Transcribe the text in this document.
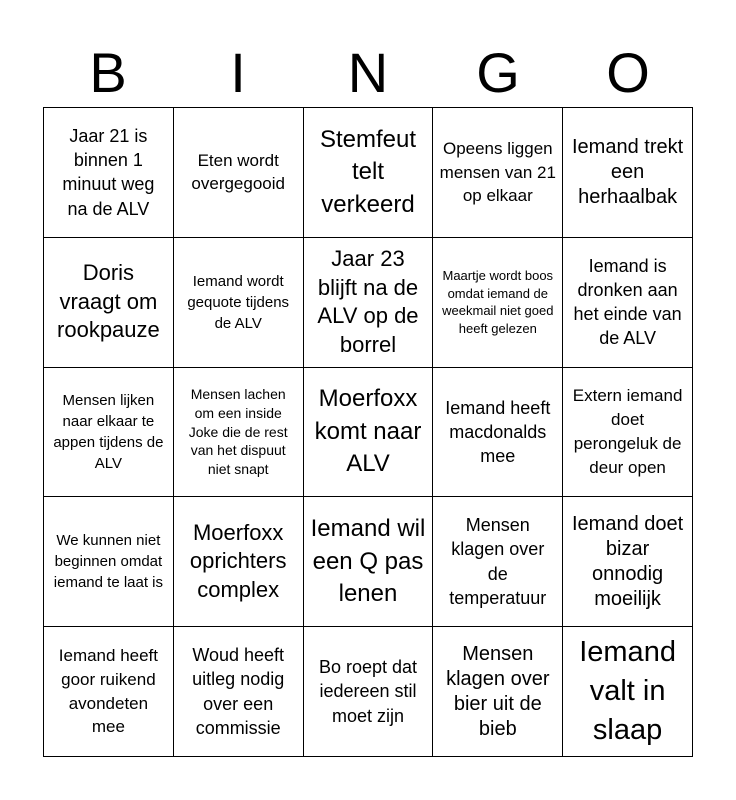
B	I	N	G	O
Jaar 21 is binnen 1 minuut weg na de ALV
Eten wordt overgegooid
Stemfeut telt verkeerd
Opeens liggen mensen van 21 op elkaar
Iemand trekt een herhaalbak
Doris vraagt om rookpauze
Iemand wordt gequote tijdens de ALV
Jaar 23 blijft na de ALV op de borrel
Maartje wordt boos omdat iemand de weekmail niet goed heeft gelezen
Iemand is dronken aan het einde van de ALV
Mensen lijken naar elkaar te appen tijdens de ALV
Mensen lachen om een inside Joke die de rest van het dispuut niet snapt
Moerfoxx komt naar ALV
Iemand heeft macdonalds mee
Extern iemand doet perongeluk de deur open
We kunnen niet beginnen omdat iemand te laat is
Moerfoxx oprichters complex
Iemand wil een Q pas lenen
Mensen klagen over de temperatuur
Iemand doet bizar onnodig moeilijk
Iemand heeft goor ruikend avondeten mee
Woud heeft uitleg nodig over een commissie
Bo roept dat iedereen stil moet zijn
Mensen klagen over bier uit de bieb
Iemand valt in slaap
